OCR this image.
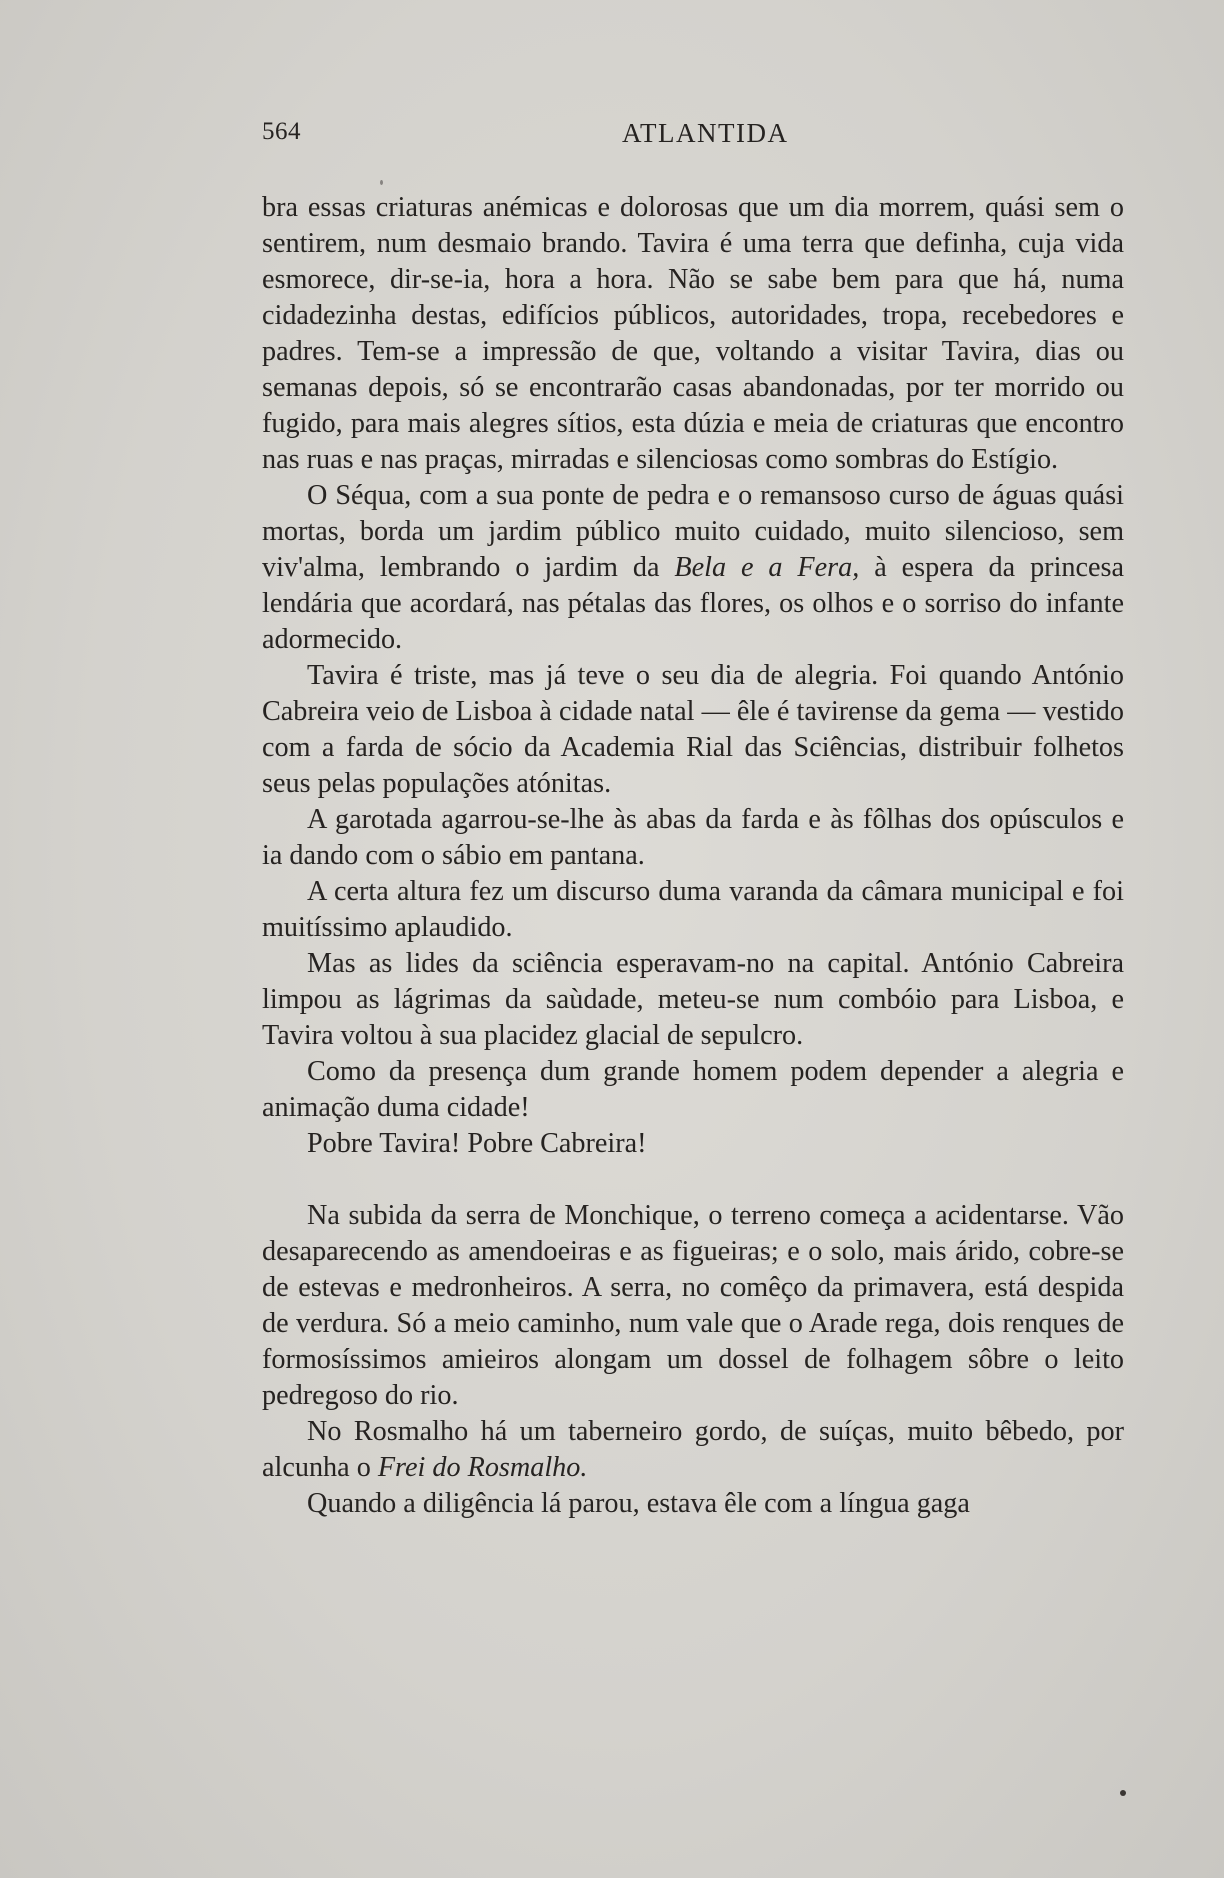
564	ATLANTIDA

bra essas criaturas anémicas e dolorosas que um dia morrem, quási sem o sentirem, num desmaio brando. Tavira é uma terra que definha, cuja vida esmorece, dir-se-ia, hora a hora. Não se sabe bem para que há, numa cidadezinha destas, edifícios públicos, autoridades, tropa, recebedores e padres. Tem-se a impressão de que, voltando a visitar Tavira, dias ou semanas depois, só se encontrarão casas abandonadas, por ter morrido ou fugido, para mais alegres sítios, esta dúzia e meia de criaturas que encontro nas ruas e nas praças, mirradas e silenciosas como sombras do Estígio.

O Séqua, com a sua ponte de pedra e o remansoso curso de águas quási mortas, borda um jardim público muito cuidado, muito silencioso, sem viv'alma, lembrando o jardim da Bela e a Fera, à espera da princesa lendária que acordará, nas pétalas das flores, os olhos e o sorriso do infante adormecido.

Tavira é triste, mas já teve o seu dia de alegria. Foi quando António Cabreira veio de Lisboa à cidade natal — êle é tavirense da gema — vestido com a farda de sócio da Academia Rial das Sciências, distribuir folhetos seus pelas populações atónitas.

A garotada agarrou-se-lhe às abas da farda e às fôlhas dos opúsculos e ia dando com o sábio em pantana.

A certa altura fez um discurso duma varanda da câmara municipal e foi muitíssimo aplaudido.

Mas as lides da sciência esperavam-no na capital. António Cabreira limpou as lágrimas da saùdade, meteu-se num combóio para Lisboa, e Tavira voltou à sua placidez glacial de sepulcro.

Como da presença dum grande homem podem depender a alegria e animação duma cidade!

Pobre Tavira! Pobre Cabreira!

Na subida da serra de Monchique, o terreno começa a acidentarse. Vão desaparecendo as amendoeiras e as figueiras; e o solo, mais árido, cobre-se de estevas e medronheiros. A serra, no comêço da primavera, está despida de verdura. Só a meio caminho, num vale que o Arade rega, dois renques de formosíssimos amieiros alongam um dossel de folhagem sôbre o leito pedregoso do rio.

No Rosmalho há um taberneiro gordo, de suíças, muito bêbedo, por alcunha o Frei do Rosmalho.

Quando a diligência lá parou, estava êle com a língua gaga
